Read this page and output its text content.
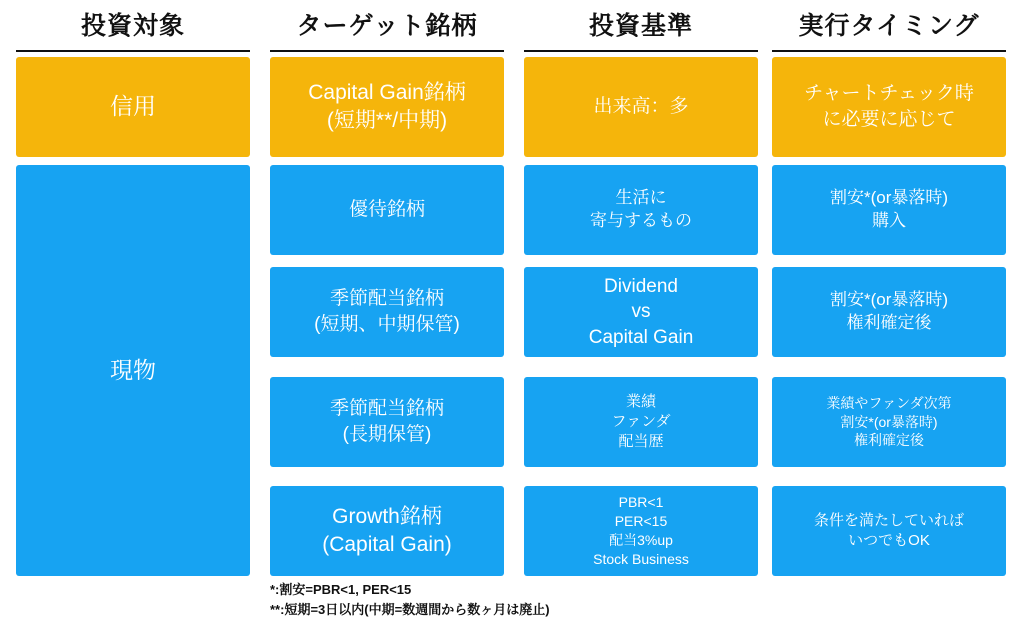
投資対象
信用
現物
ターゲット銘柄
Capital Gain銘柄
(短期**/中期)
優待銘柄
季節配当銘柄
(短期、中期保管)
季節配当銘柄
(長期保管)
Growth銘柄
(Capital Gain)
投資基準
出来高：多
生活に
寄与するもの
Dividend
vs
Capital Gain
業績
ファンダ
配当歴
PBR<1
PER<15
配当3%up
Stock Business
実行タイミング
チャートチェック時
に必要に応じて
割安*(or暴落時)
購入
割安*(or暴落時)
権利確定後
業績やファンダ次第
割安*(or暴落時)
権利確定後
条件を満たしていれば
いつでもOK
*:割安=PBR<1, PER<15
**:短期=3日以内(中期=数週間から数ヶ月は廃止)
